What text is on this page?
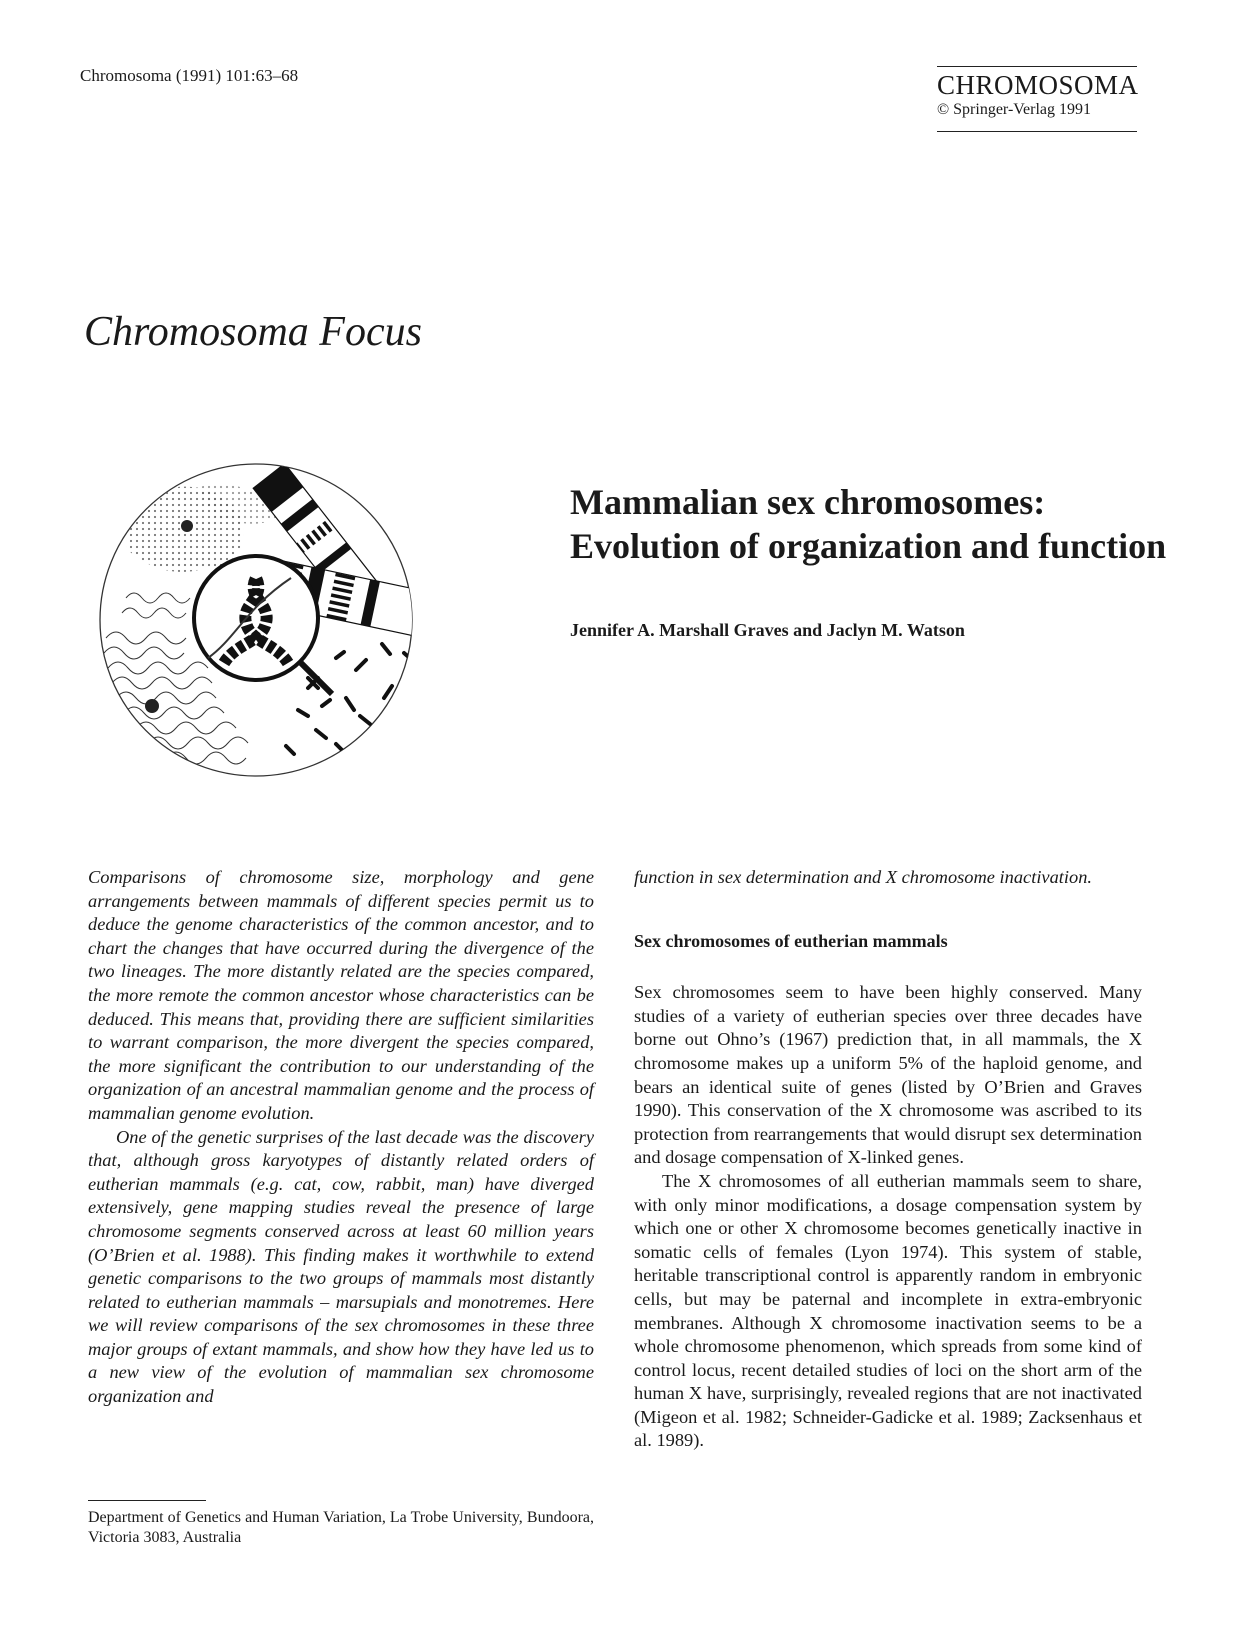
Chromosoma (1991) 101:63–68	CHROMOSOMA
© Springer-Verlag 1991
Chromosoma Focus
Mammalian sex chromosomes:
Evolution of organization and function
Jennifer A. Marshall Graves and Jaclyn M. Watson

Comparisons of chromosome size, morphology and gene arrangements between mammals of different species permit us to deduce the genome characteristics of the common ancestor, and to chart the changes that have occurred during the divergence of the two lineages. The more distantly related are the species compared, the more remote the common ancestor whose characteristics can be deduced. This means that, providing there are sufficient similarities to warrant comparison, the more divergent the species compared, the more significant the contribution to our understanding of the organization of an ancestral mammalian genome and the process of mammalian genome evolution.

One of the genetic surprises of the last decade was the discovery that, although gross karyotypes of distantly related orders of eutherian mammals (e.g. cat, cow, rabbit, man) have diverged extensively, gene mapping studies reveal the presence of large chromosome segments conserved across at least 60 million years (O’Brien et al. 1988). This finding makes it worthwhile to extend genetic comparisons to the two groups of mammals most distantly related to eutherian mammals – marsupials and monotremes. Here we will review comparisons of the sex chromosomes in these three major groups of extant mammals, and show how they have led us to a new view of the evolution of mammalian sex chromosome organization and

function in sex determination and X chromosome inactivation.

Sex chromosomes of eutherian mammals

Sex chromosomes seem to have been highly conserved. Many studies of a variety of eutherian species over three decades have borne out Ohno’s (1967) prediction that, in all mammals, the X chromosome makes up a uniform 5% of the haploid genome, and bears an identical suite of genes (listed by O’Brien and Graves 1990). This conservation of the X chromosome was ascribed to its protection from rearrangements that would disrupt sex determination and dosage compensation of X-linked genes.

The X chromosomes of all eutherian mammals seem to share, with only minor modifications, a dosage compensation system by which one or other X chromosome becomes genetically inactive in somatic cells of females (Lyon 1974). This system of stable, heritable transcriptional control is apparently random in embryonic cells, but may be paternal and incomplete in extra-embryonic membranes. Although X chromosome inactivation seems to be a whole chromosome phenomenon, which spreads from some kind of control locus, recent detailed studies of loci on the short arm of the human X have, surprisingly, revealed regions that are not inactivated (Migeon et al. 1982; Schneider-Gadicke et al. 1989; Zacksenhaus et al. 1989).

Department of Genetics and Human Variation, La Trobe University, Bundoora, Victoria 3083, Australia
